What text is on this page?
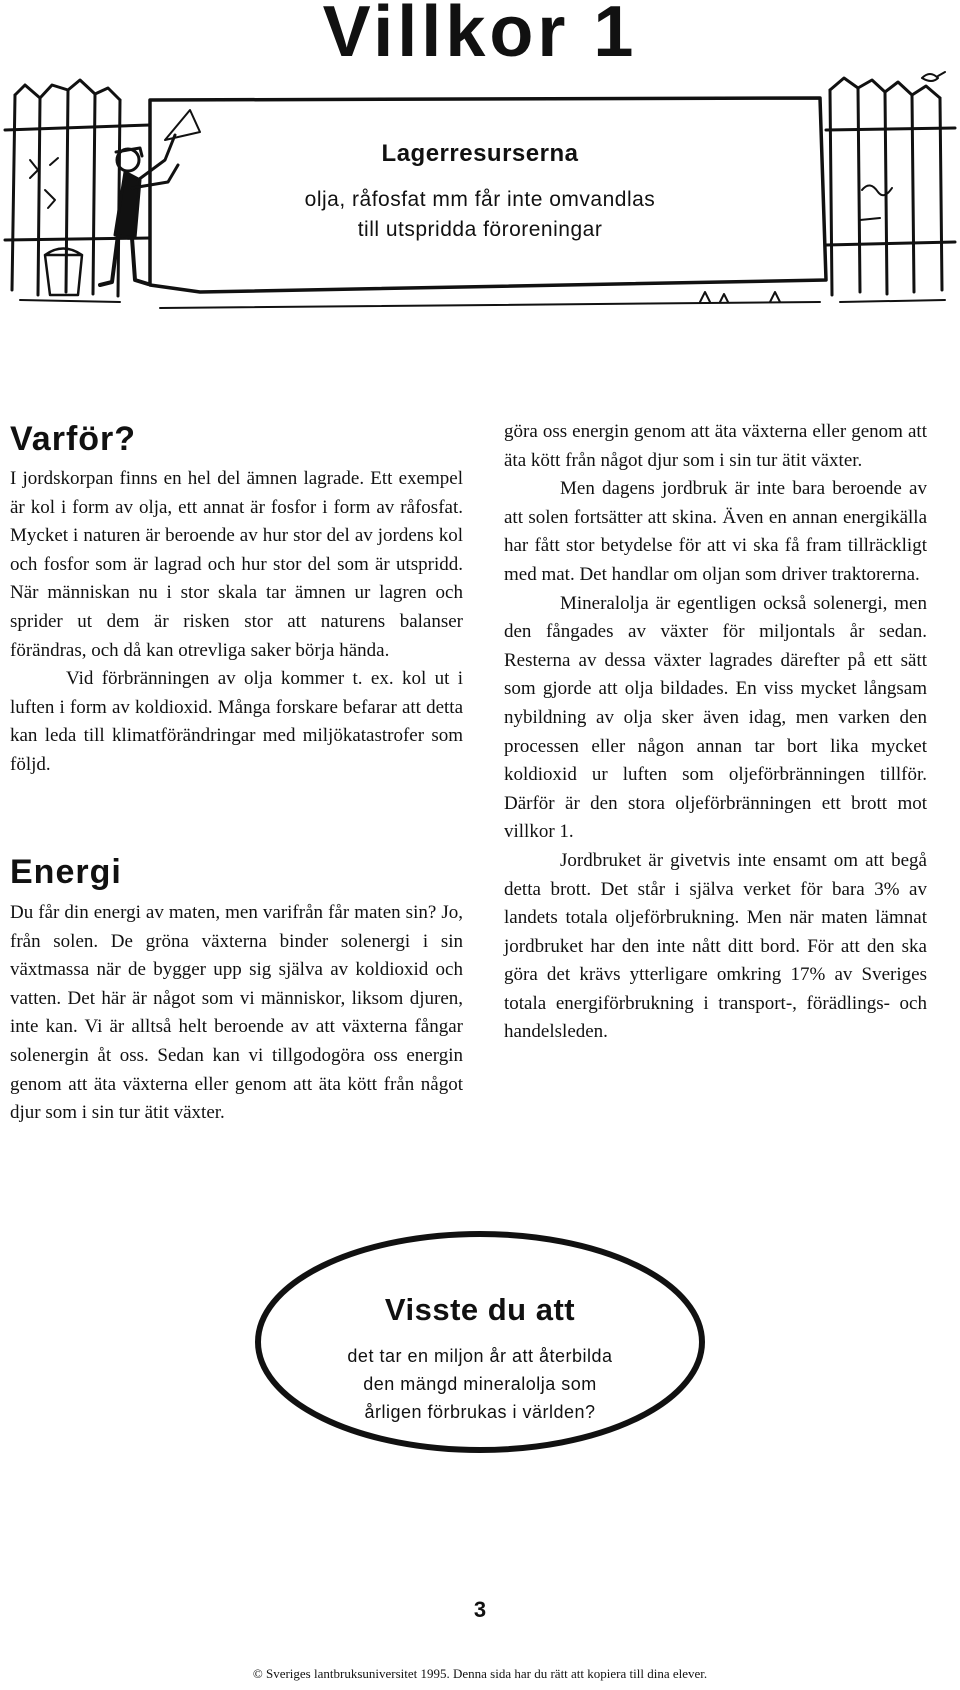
Villkor 1
Lagerresurserna
olja, råfosfat mm får inte omvandlas
till utspridda föroreningar
Varför?

I jordskorpan finns en hel del ämnen lagrade. Ett exempel är kol i form av olja, ett annat är fosfor i form av råfosfat. Mycket i naturen är beroende av hur stor del av jordens kol och fosfor som är lagrad och hur stor del som är utspridd. När människan nu i stor skala tar ämnen ur lagren och sprider ut dem är risken stor att naturens balanser förändras, och då kan otrevliga saker börja hända.

Vid förbränningen av olja kommer t. ex. kol ut i luften i form av koldioxid. Många forskare befarar att detta kan leda till klimatförändringar med miljökatastrofer som följd.

Energi

Du får din energi av maten, men varifrån får maten sin? Jo, från solen. De gröna växterna binder solenergi i sin växtmassa när de bygger upp sig själva av koldioxid och vatten. Det här är något som vi människor, liksom djuren, inte kan. Vi är alltså helt beroende av att växterna fångar solenergin åt oss. Sedan kan vi tillgodogöra oss energin genom att äta växterna eller genom att äta kött från något djur som i sin tur ätit växter.

göra oss energin genom att äta växterna eller genom att äta kött från något djur som i sin tur ätit växter.

Men dagens jordbruk är inte bara beroende av att solen fortsätter att skina. Även en annan energikälla har fått stor betydelse för att vi ska få fram tillräckligt med mat. Det handlar om oljan som driver traktorerna.

Mineralolja är egentligen också solenergi, men den fångades av växter för miljontals år sedan. Resterna av dessa växter lagrades därefter på ett sätt som gjorde att olja bildades. En viss mycket långsam nybildning av olja sker även idag, men varken den processen eller någon annan tar bort lika mycket koldioxid ur luften som oljeförbränningen tillför. Därför är den stora oljeförbränningen ett brott mot villkor 1.

Jordbruket är givetvis inte ensamt om att begå detta brott. Det står i själva verket för bara 3% av landets totala oljeförbrukning. Men när maten lämnat jordbruket har den inte nått ditt bord. För att den ska göra det krävs ytterligare omkring 17% av Sveriges totala energiförbrukning i transport-, förädlings- och handelsleden.

Visste du att
det tar en miljon år att återbilda
den mängd mineralolja som
årligen förbrukas i världen?
3
© Sveriges lantbruksuniversitet 1995. Denna sida har du rätt att kopiera till dina elever.
